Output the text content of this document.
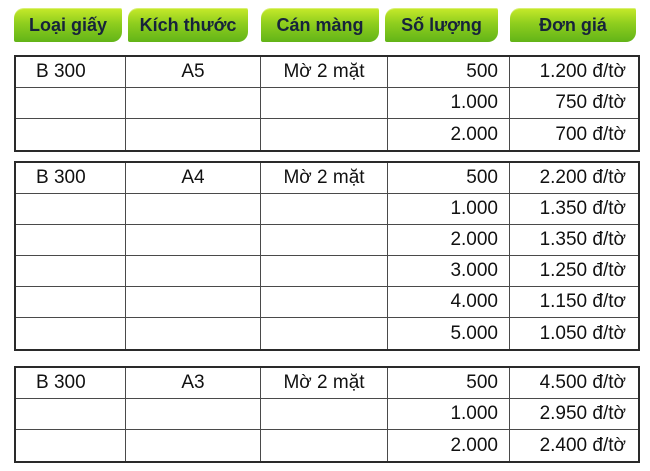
Loại giấy	Kích thước	Cán màng	Số lượng	Đơn giá
B 300	A5	Mờ 2 mặt	500	1.200 đ/tờ
1.000	750 đ/tờ
2.000	700 đ/tờ
B 300	A4	Mờ 2 mặt	500	2.200 đ/tờ
1.000	1.350 đ/tờ
2.000	1.350 đ/tờ
3.000	1.250 đ/tờ
4.000	1.150 đ/tơ
5.000	1.050 đ/tờ
B 300	A3	Mờ 2 mặt	500	4.500 đ/tờ
1.000	2.950 đ/tờ
2.000	2.400 đ/tờ
